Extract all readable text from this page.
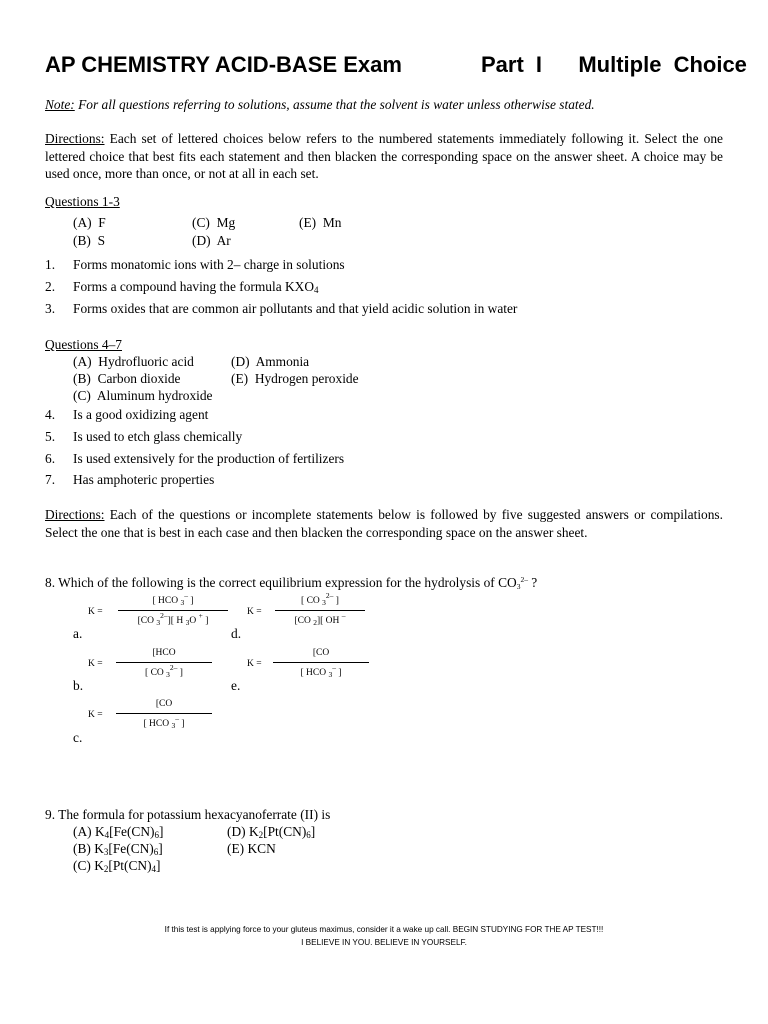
AP CHEMISTRY ACID-BASE Exam	Part I   Multiple Choice
Note: For all questions referring to solutions, assume that the solvent is water unless otherwise stated.
Directions: Each set of lettered choices below refers to the numbered statements immediately following it. Select the one lettered choice that best fits each statement and then blacken the corresponding space on the answer sheet. A choice may be used once, more than once, or not at all in each set.
Questions 1-3
(A) F	(C) Mg	(E) Mn
(B) S	(D) Ar
1. Forms monatomic ions with 2– charge in solutions
2. Forms a compound having the formula $KXO_4$
3. Forms oxides that are common air pollutants and that yield acidic solution in water
Questions 4–7
(A) Hydrofluoric acid	(D) Ammonia
(B) Carbon dioxide	(E) Hydrogen peroxide
(C) Aluminum hydroxide
4. Is a good oxidizing agent
5. Is used to etch glass chemically
6. Is used extensively for the production of fertilizers
7. Has amphoteric properties
Directions: Each of the questions or incomplete statements below is followed by five suggested answers or compilations. Select the one that is best in each case and then blacken the corresponding space on the answer sheet.
8. Which of the following is the correct equilibrium expression for the hydrolysis of $CO_3^{2-}$ ?
K =
[ HCO $_3$– ]
[CO $_3^{2-}$][ H $_3$O + ]
a.
K =
[ CO $_3^{2-}$ ]
[CO $_2$][ OH –
d.
K =
[HCO
[ CO $_3^{2-}$ ]
b.
K =
[CO
[ HCO $_3$– ]
e.
K =
[CO
[ HCO $_3$– ]
c.
9. The formula for potassium hexacyanoferrate (II) is
(A) $K_4[Fe(CN)_6]$	(D) $K_2[Pt(CN)_6]$
(B) $K_3[Fe(CN)_6]$	(E) KCN
(C) $K_2[Pt(CN)_4]$
If this test is applying force to your gluteus maximus, consider it a wake up call. BEGIN STUDYING FOR THE AP TEST!!!
I BELIEVE IN YOU. BELIEVE IN YOURSELF.
